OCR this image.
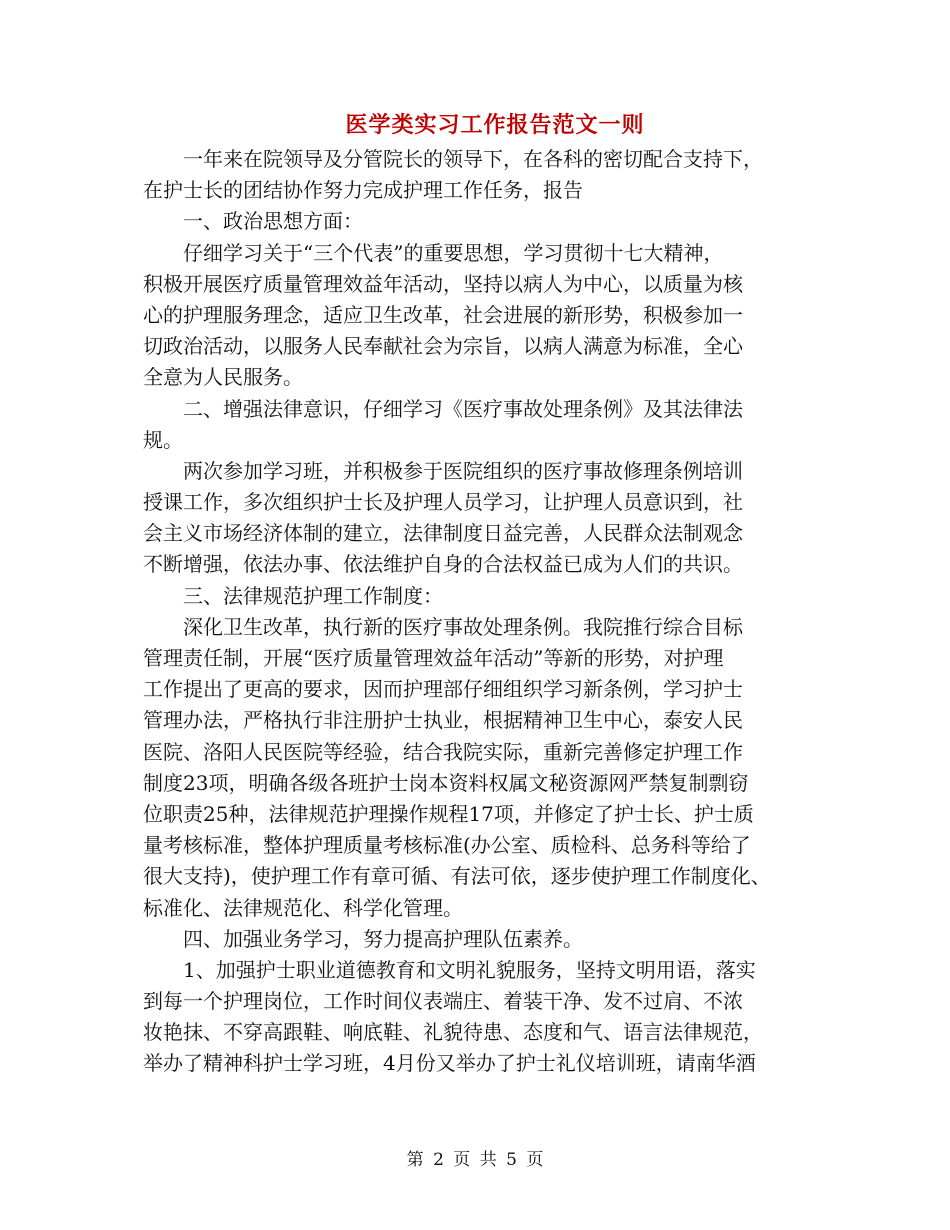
医学类实习工作报告范文一则
　　一年来在院领导及分管院长的领导下，在各科的密切配合支持下，
在护士长的团结协作努力完成护理工作任务，报告
　　一、政治思想方面：
　　仔细学习关于“三个代表”的重要思想，学习贯彻十七大精神，
积极开展医疗质量管理效益年活动，坚持以病人为中心，以质量为核
心的护理服务理念，适应卫生改革，社会进展的新形势，积极参加一
切政治活动，以服务人民奉献社会为宗旨，以病人满意为标准，全心
全意为人民服务。
　　二、增强法律意识，仔细学习《医疗事故处理条例》及其法律法
规。
　　两次参加学习班，并积极参于医院组织的医疗事故修理条例培训
授课工作，多次组织护士长及护理人员学习，让护理人员意识到，社
会主义市场经济体制的建立，法律制度日益完善，人民群众法制观念
不断增强，依法办事、依法维护自身的合法权益已成为人们的共识。
　　三、法律规范护理工作制度：
　　深化卫生改革，执行新的医疗事故处理条例。我院推行综合目标
管理责任制，开展“医疗质量管理效益年活动”等新的形势，对护理
工作提出了更高的要求，因而护理部仔细组织学习新条例，学习护士
管理办法，严格执行非注册护士执业，根据精神卫生中心，泰安人民
医院、洛阳人民医院等经验，结合我院实际，重新完善修定护理工作
制度23项，明确各级各班护士岗本资料权属文秘资源网严禁复制剽窃
位职责25种，法律规范护理操作规程17项，并修定了护士长、护士质
量考核标准，整体护理质量考核标准(办公室、质检科、总务科等给了
很大支持)，使护理工作有章可循、有法可依，逐步使护理工作制度化、
标准化、法律规范化、科学化管理。
　　四、加强业务学习，努力提高护理队伍素养。
　　1、加强护士职业道德教育和文明礼貌服务，坚持文明用语，落实
到每一个护理岗位，工作时间仪表端庄、着装干净、发不过肩、不浓
妆艳抹、不穿高跟鞋、响底鞋、礼貌待患、态度和气、语言法律规范，
举办了精神科护士学习班，4月份又举办了护士礼仪培训班，请南华酒
第 2 页 共 5 页
